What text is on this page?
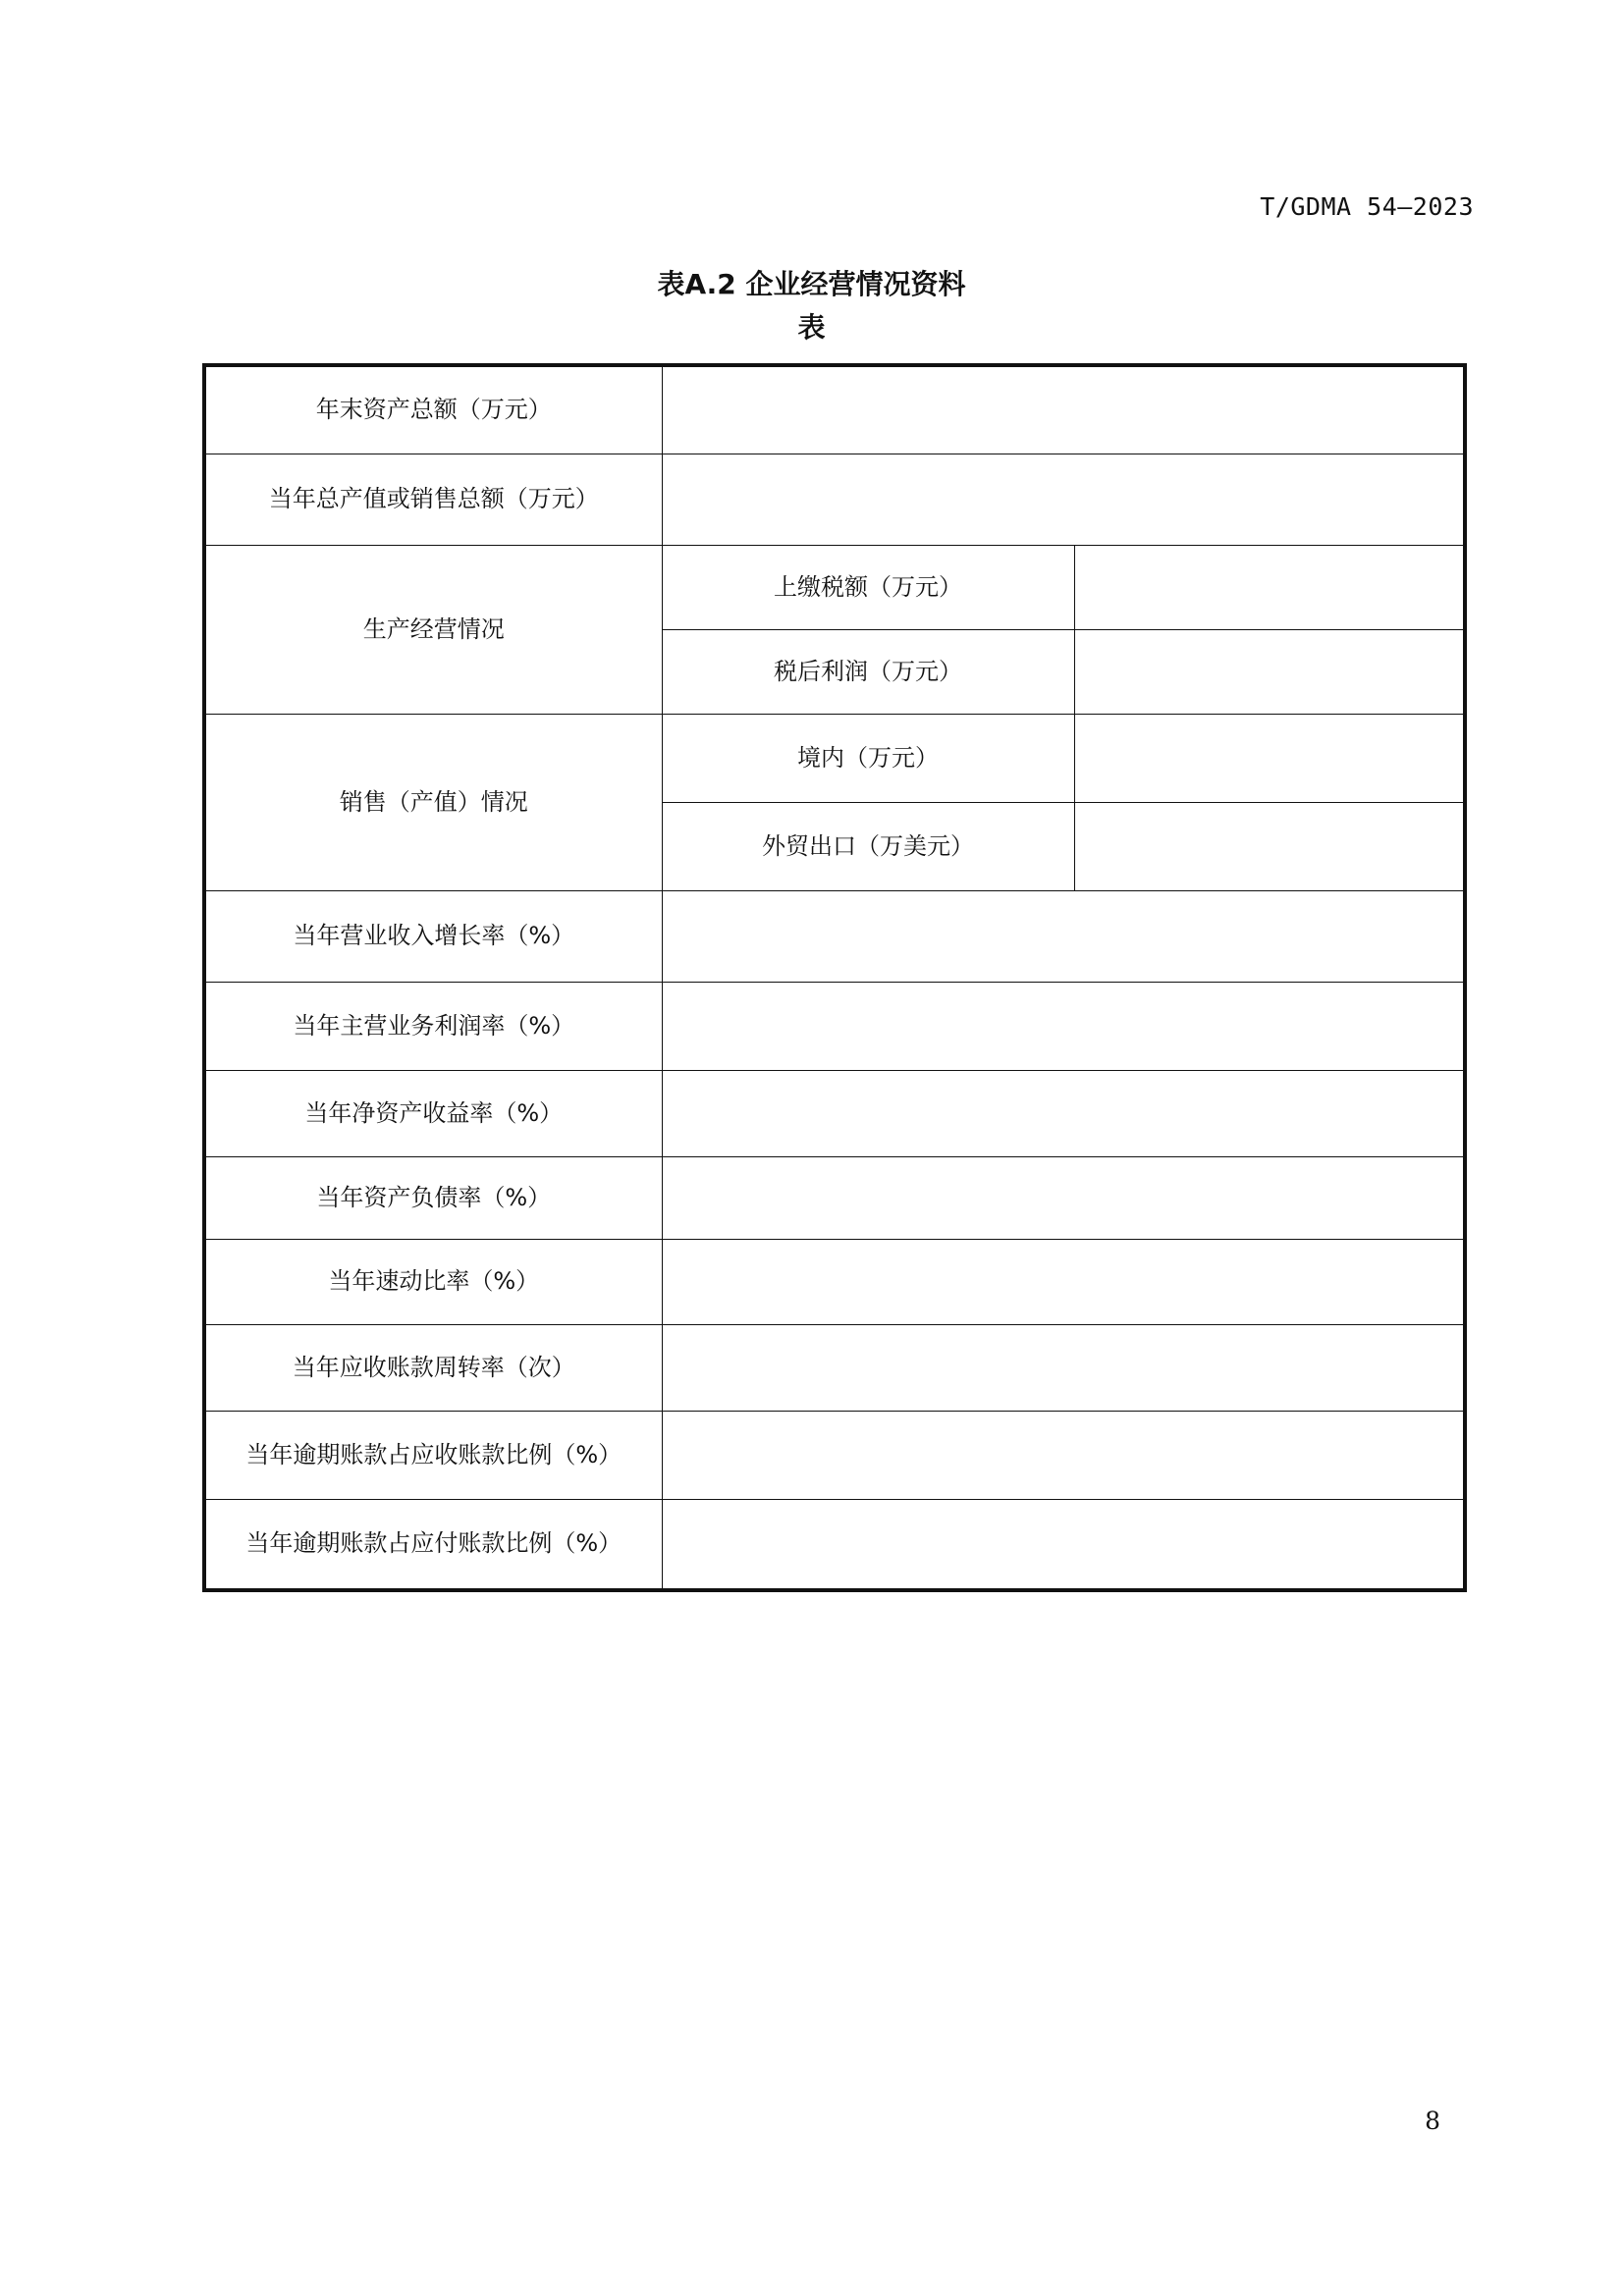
T/GDMA 54—2023
表A.2 企业经营情况资料
表
年末资产总额（万元）		
当年总产值或销售总额（万元）		
生产经营情况	上缴税额（万元）	
	税后利润（万元）	
销售（产值）情况	境内（万元）	
	外贸出口（万美元）	
当年营业收入增长率（%）		
当年主营业务利润率（%）		
当年净资产收益率（%）		
当年资产负债率（%）		
当年速动比率（%）		
当年应收账款周转率（次）		
当年逾期账款占应收账款比例（%）		
当年逾期账款占应付账款比例（%）		
8
